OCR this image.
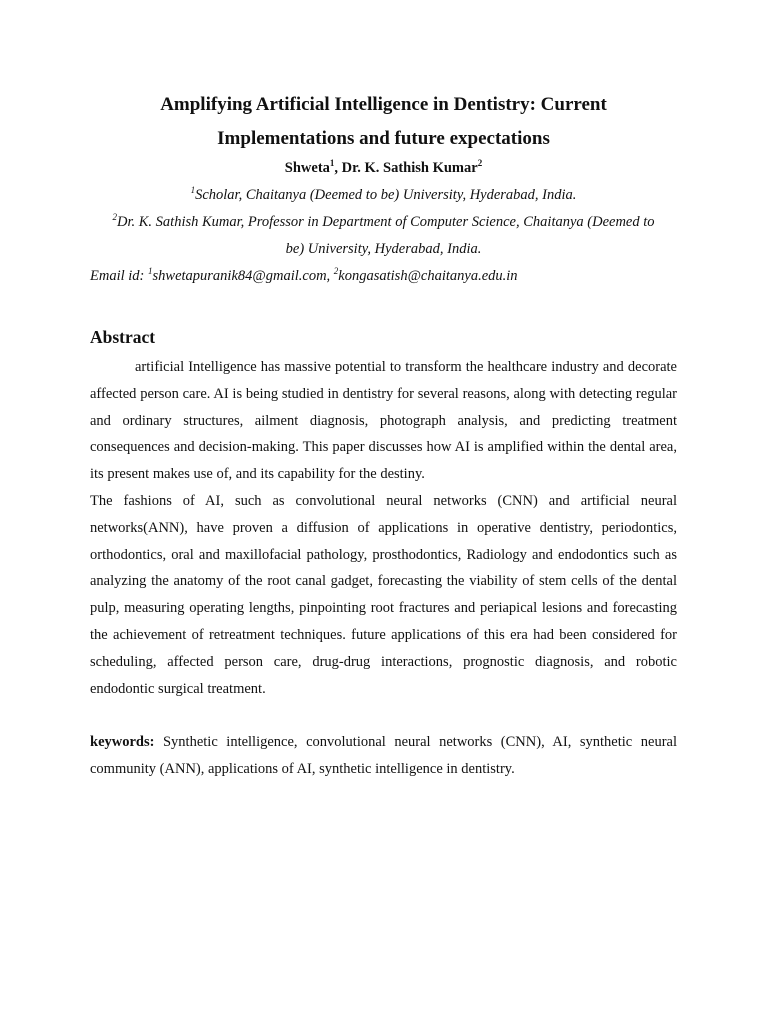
Amplifying Artificial Intelligence in Dentistry: Current
Implementations and future expectations
Shweta$^1$, Dr. K. Sathish Kumar$^2$

$^1$Scholar, Chaitanya (Deemed to be) University, Hyderabad, India.

$^2$Dr. K. Sathish Kumar, Professor in Department of Computer Science, Chaitanya (Deemed to
be) University, Hyderabad, India.

Email id: $^1$shwetapuranik84@gmail.com, $^2$kongasatish@chaitanya.edu.in

Abstract

artificial Intelligence has massive potential to transform the healthcare industry and decorate affected person care. AI is being studied in dentistry for several reasons, along with detecting regular and ordinary structures, ailment diagnosis, photograph analysis, and predicting treatment consequences and decision-making. This paper discusses how AI is amplified within the dental area, its present makes use of, and its capability for the destiny.

The fashions of AI, such as convolutional neural networks (CNN) and artificial neural networks(ANN), have proven a diffusion of applications in operative dentistry, periodontics, orthodontics, oral and maxillofacial pathology, prosthodontics, Radiology and endodontics such as analyzing the anatomy of the root canal gadget, forecasting the viability of stem cells of the dental pulp, measuring operating lengths, pinpointing root fractures and periapical lesions and forecasting the achievement of retreatment techniques. future applications of this era had been considered for scheduling, affected person care, drug-drug interactions, prognostic diagnosis, and robotic endodontic surgical treatment.

keywords: Synthetic intelligence, convolutional neural networks (CNN), AI, synthetic neural community (ANN), applications of AI, synthetic intelligence in dentistry.
